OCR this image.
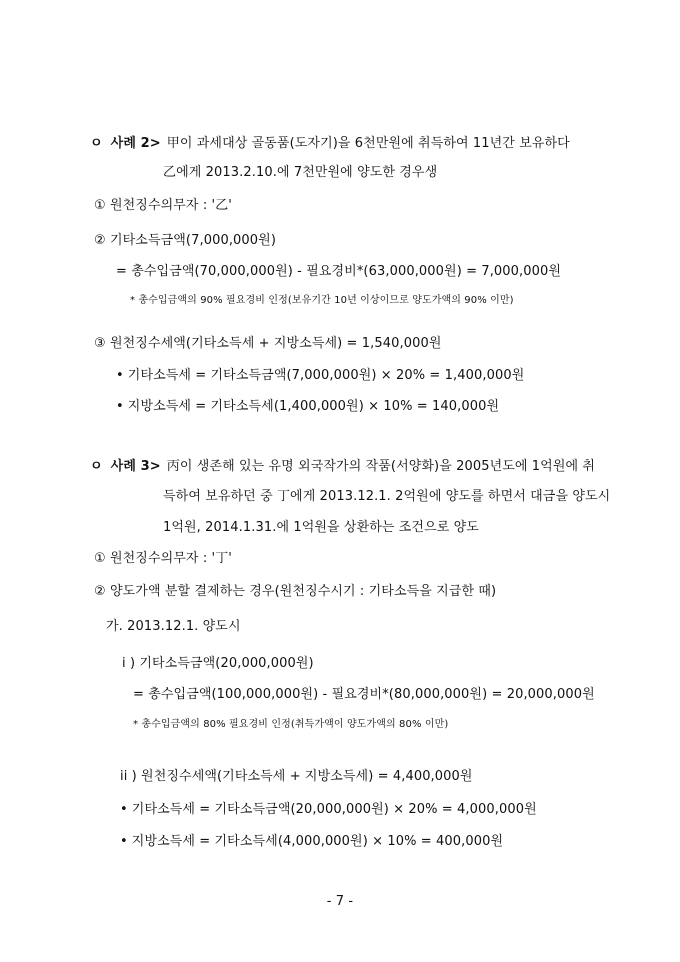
ㅇ 사례 2> 甲이 과세대상 골동품(도자기)을 6천만원에 취득하여 11년간 보유하다
乙에게 2013.2.10.에 7천만원에 양도한 경우생
① 원천징수의무자 : '乙'
② 기타소득금액(7,000,000원)
= 총수입금액(70,000,000원) - 필요경비*(63,000,000원) = 7,000,000원
* 총수입금액의 90% 필요경비 인정(보유기간 10년 이상이므로 양도가액의 90% 이만)
③ 원천징수세액(기타소득세 + 지방소득세) = 1,540,000원
• 기타소득세 = 기타소득금액(7,000,000원) × 20% = 1,400,000원
• 지방소득세 = 기타소득세(1,400,000원) × 10% = 140,000원
ㅇ 사례 3> 丙이 생존해 있는 유명 외국작가의 작품(서양화)을 2005년도에 1억원에 취
득하여 보유하던 중 丁에게 2013.12.1. 2억원에 양도를 하면서 대금을 양도시
1억원, 2014.1.31.에 1억원을 상환하는 조건으로 양도
① 원천징수의무자 : '丁'
② 양도가액 분할 결제하는 경우(원천징수시기 : 기타소득을 지급한 때)
가. 2013.12.1. 양도시
i ) 기타소득금액(20,000,000원)
= 총수입금액(100,000,000원) - 필요경비*(80,000,000원) = 20,000,000원
* 총수입금액의 80% 필요경비 인정(취득가액이 양도가액의 80% 이만)
ii ) 원천징수세액(기타소득세 + 지방소득세) = 4,400,000원
• 기타소득세 = 기타소득금액(20,000,000원) × 20% = 4,000,000원
• 지방소득세 = 기타소득세(4,000,000원) × 10% = 400,000원
- 7 -
